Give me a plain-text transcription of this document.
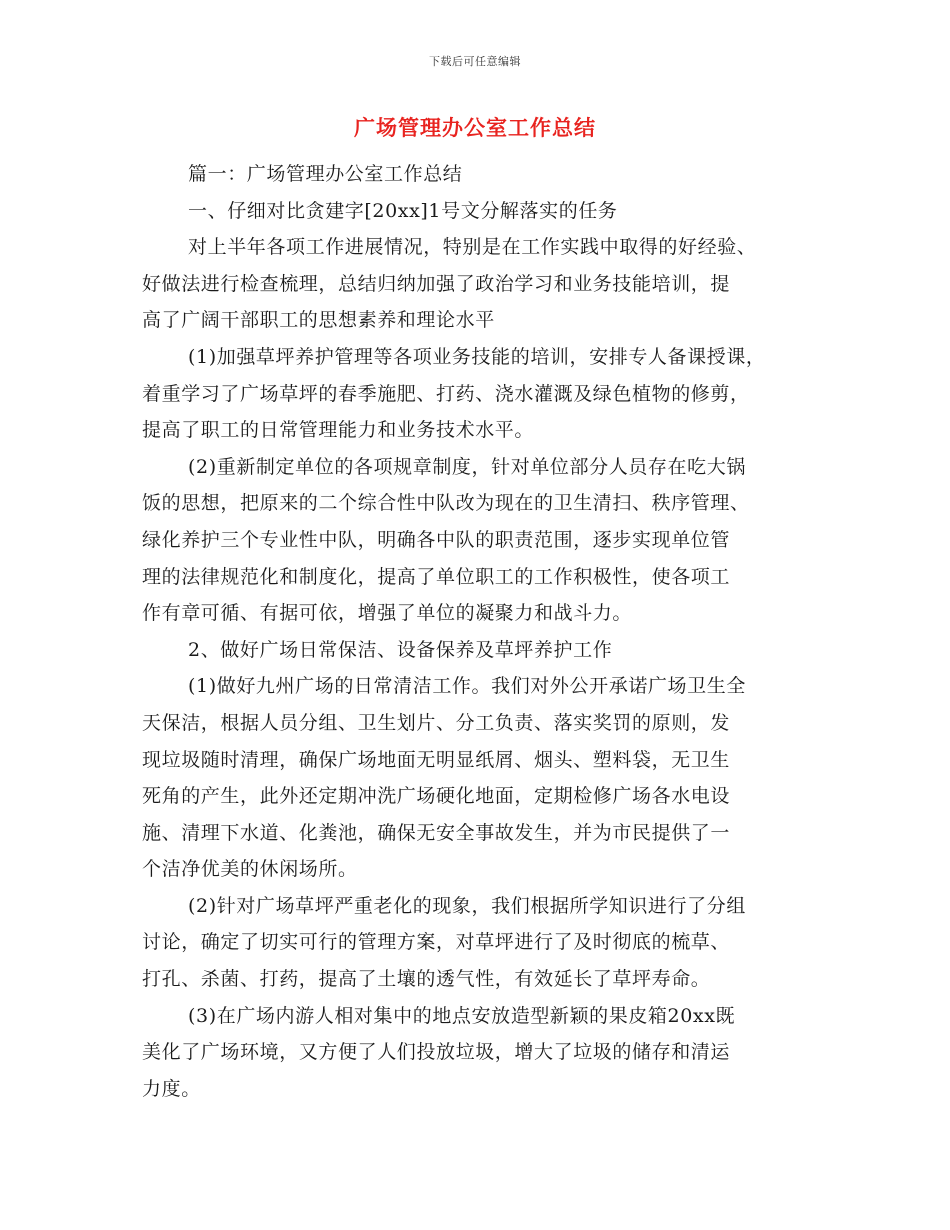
下载后可任意编辑
广场管理办公室工作总结
篇一：广场管理办公室工作总结
一、仔细对比贪建字[20xx]1号文分解落实的任务
对上半年各项工作进展情况，特别是在工作实践中取得的好经验、
好做法进行检查梳理，总结归纳加强了政治学习和业务技能培训，提
高了广阔干部职工的思想素养和理论水平
(1)加强草坪养护管理等各项业务技能的培训，安排专人备课授课，
着重学习了广场草坪的春季施肥、打药、浇水灌溉及绿色植物的修剪，
提高了职工的日常管理能力和业务技术水平。
(2)重新制定单位的各项规章制度，针对单位部分人员存在吃大锅
饭的思想，把原来的二个综合性中队改为现在的卫生清扫、秩序管理、
绿化养护三个专业性中队，明确各中队的职责范围，逐步实现单位管
理的法律规范化和制度化，提高了单位职工的工作积极性，使各项工
作有章可循、有据可依，增强了单位的凝聚力和战斗力。
2、做好广场日常保洁、设备保养及草坪养护工作
(1)做好九州广场的日常清洁工作。我们对外公开承诺广场卫生全
天保洁，根据人员分组、卫生划片、分工负责、落实奖罚的原则，发
现垃圾随时清理，确保广场地面无明显纸屑、烟头、塑料袋，无卫生
死角的产生，此外还定期冲洗广场硬化地面，定期检修广场各水电设
施、清理下水道、化粪池，确保无安全事故发生，并为市民提供了一
个洁净优美的休闲场所。
(2)针对广场草坪严重老化的现象，我们根据所学知识进行了分组
讨论，确定了切实可行的管理方案，对草坪进行了及时彻底的梳草、
打孔、杀菌、打药，提高了土壤的透气性，有效延长了草坪寿命。
(3)在广场内游人相对集中的地点安放造型新颖的果皮箱20xx既
美化了广场环境，又方便了人们投放垃圾，增大了垃圾的储存和清运
力度。
